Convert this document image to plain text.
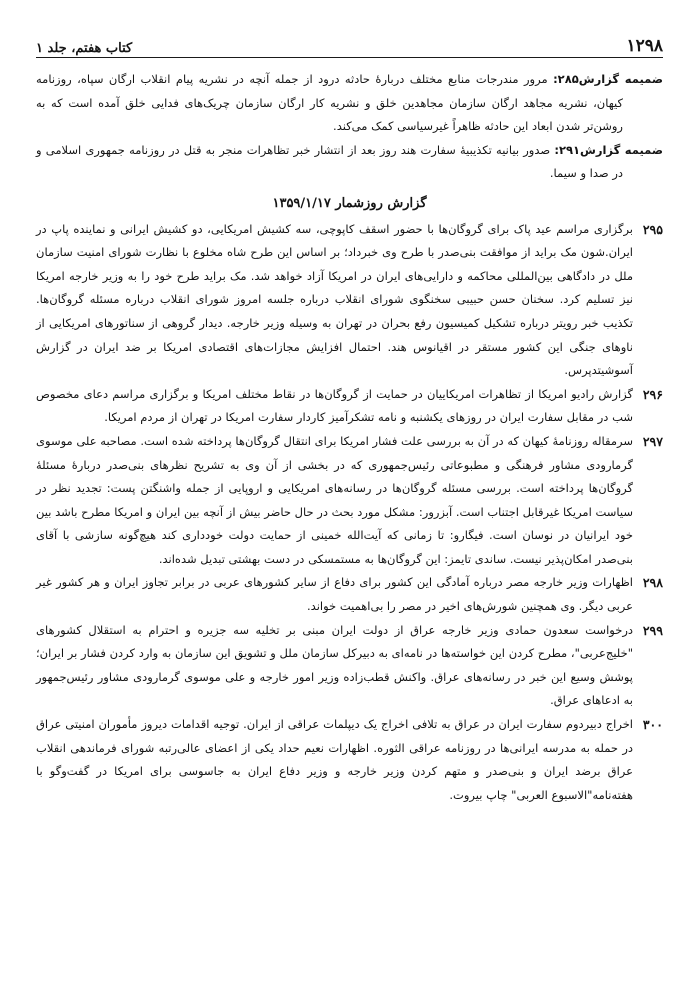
۱۲۹۸
کتاب هفتم، جلد ۱

ضمیمه گزارش۲۸۵: مرور مندرجات منابع مختلف دربارهٔ حادثه درود از جمله آنچه در نشریه پیام انقلاب ارگان سپاه، روزنامه کیهان، نشریه مجاهد ارگان سازمان مجاهدین خلق و نشریه کار ارگان سازمان چریک‌های فدایی خلق آمده است که به روشن‌تر شدن ابعاد این حادثه ظاهراً غیرسیاسی کمک می‌کند.

ضمیمه گزارش۲۹۱: صدور بیانیه تکذیبیهٔ سفارت هند روز بعد از انتشار خبر تظاهرات منجر به قتل در روزنامه جمهوری اسلامی و در صدا و سیما.

گزارش روزشمار ۱۳۵۹/۱/۱۷

۲۹۵
برگزاری مراسم عید پاک برای گروگان‌ها با حضور اسقف کاپوچی، سه کشیش امریکایی، دو کشیش ایرانی و نماینده پاپ در ایران.شون مک براید از موافقت بنی‌صدر با طرح وی خبرداد؛ بر اساس این طرح شاه مخلوع با نظارت شورای امنیت سازمان ملل در دادگاهی بین‌المللی محاکمه و دارایی‌های ایران در امریکا آزاد خواهد شد. مک براید طرح خود را به وزیر خارجه امریکا نیز تسلیم کرد. سخنان حسن حبیبی سخنگوی شورای انقلاب درباره جلسه امروز شورای انقلاب درباره مسئله گروگان‌ها. تکذیب خبر رویتر درباره تشکیل کمیسیون رفع بحران در تهران به وسیله وزیر خارجه. دیدار گروهی از سناتورهای امریکایی از ناوهای جنگی این کشور مستقر در اقیانوس هند. احتمال افزایش مجازات‌های اقتصادی امریکا بر ضد ایران در گزارش آسوشیتدپرس.

۲۹۶
گزارش رادیو امریکا از تظاهرات امریکاییان در حمایت از گروگان‌ها در نقاط مختلف امریکا و برگزاری مراسم دعای مخصوص شب در مقابل سفارت ایران در روزهای یکشنبه و نامه تشکرآمیز کاردار سفارت امریکا در تهران از مردم امریکا.

۲۹۷
سرمقاله روزنامهٔ کیهان که در آن به بررسی علت فشار امریکا برای انتقال گروگان‌ها پرداخته شده است. مصاحبه علی موسوی گرمارودی مشاور فرهنگی و مطبوعاتی رئیس‌جمهوری که در بخشی از آن وی به تشریح نظرهای بنی‌صدر دربارهٔ مسئلهٔ گروگان‌ها پرداخته است. بررسی مسئله گروگان‌ها در رسانه‌های امریکایی و اروپایی از جمله واشنگتن پست: تجدید نظر در سیاست امریکا غیرقابل اجتناب است. آبزرور: مشکل مورد بحث در حال حاضر بیش از آنچه بین ایران و امریکا مطرح باشد بین خود ایرانیان در نوسان است. فیگارو: تا زمانی که آیت‌الله خمینی از حمایت دولت خودداری کند هیچ‌گونه سازشی با آقای بنی‌صدر امکان‌پذیر نیست. ساندی تایمز: این گروگان‌ها به مستمسکی در دست بهشتی تبدیل شده‌اند.

۲۹۸
اظهارات وزیر خارجه مصر درباره آمادگی این کشور برای دفاع از سایر کشورهای عربی در برابر تجاوز ایران و هر کشور غیر عربی دیگر. وی همچنین شورش‌های اخیر در مصر را بی‌اهمیت خواند.

۲۹۹
درخواست سعدون حمادی وزیر خارجه عراق از دولت ایران مبنی بر تخلیه سه جزیره و احترام به استقلال کشورهای "خلیج‌عربی"، مطرح کردن این خواسته‌ها در نامه‌ای به دبیرکل سازمان ملل و تشویق این سازمان به وارد کردن فشار بر ایران؛ پوشش وسیع این خبر در رسانه‌های عراق. واکنش قطب‌زاده وزیر امور خارجه و علی موسوی گرمارودی مشاور رئیس‌جمهور به ادعاهای عراق.

۳۰۰
اخراج دبیردوم سفارت ایران در عراق به تلافی اخراج یک دیپلمات عراقی از ایران. توجیه اقدامات دیروز مأموران امنیتی عراق در حمله به مدرسه ایرانی‌ها در روزنامه عراقی الثوره. اظهارات نعیم حداد یکی از اعضای عالی‌رتبه شورای فرماندهی انقلاب عراق برضد ایران و بنی‌صدر و متهم کردن وزیر خارجه و وزیر دفاع ایران به جاسوسی برای امریکا در گفت‌وگو با هفته‌نامه"الاسبوع العربی" چاپ بیروت.
